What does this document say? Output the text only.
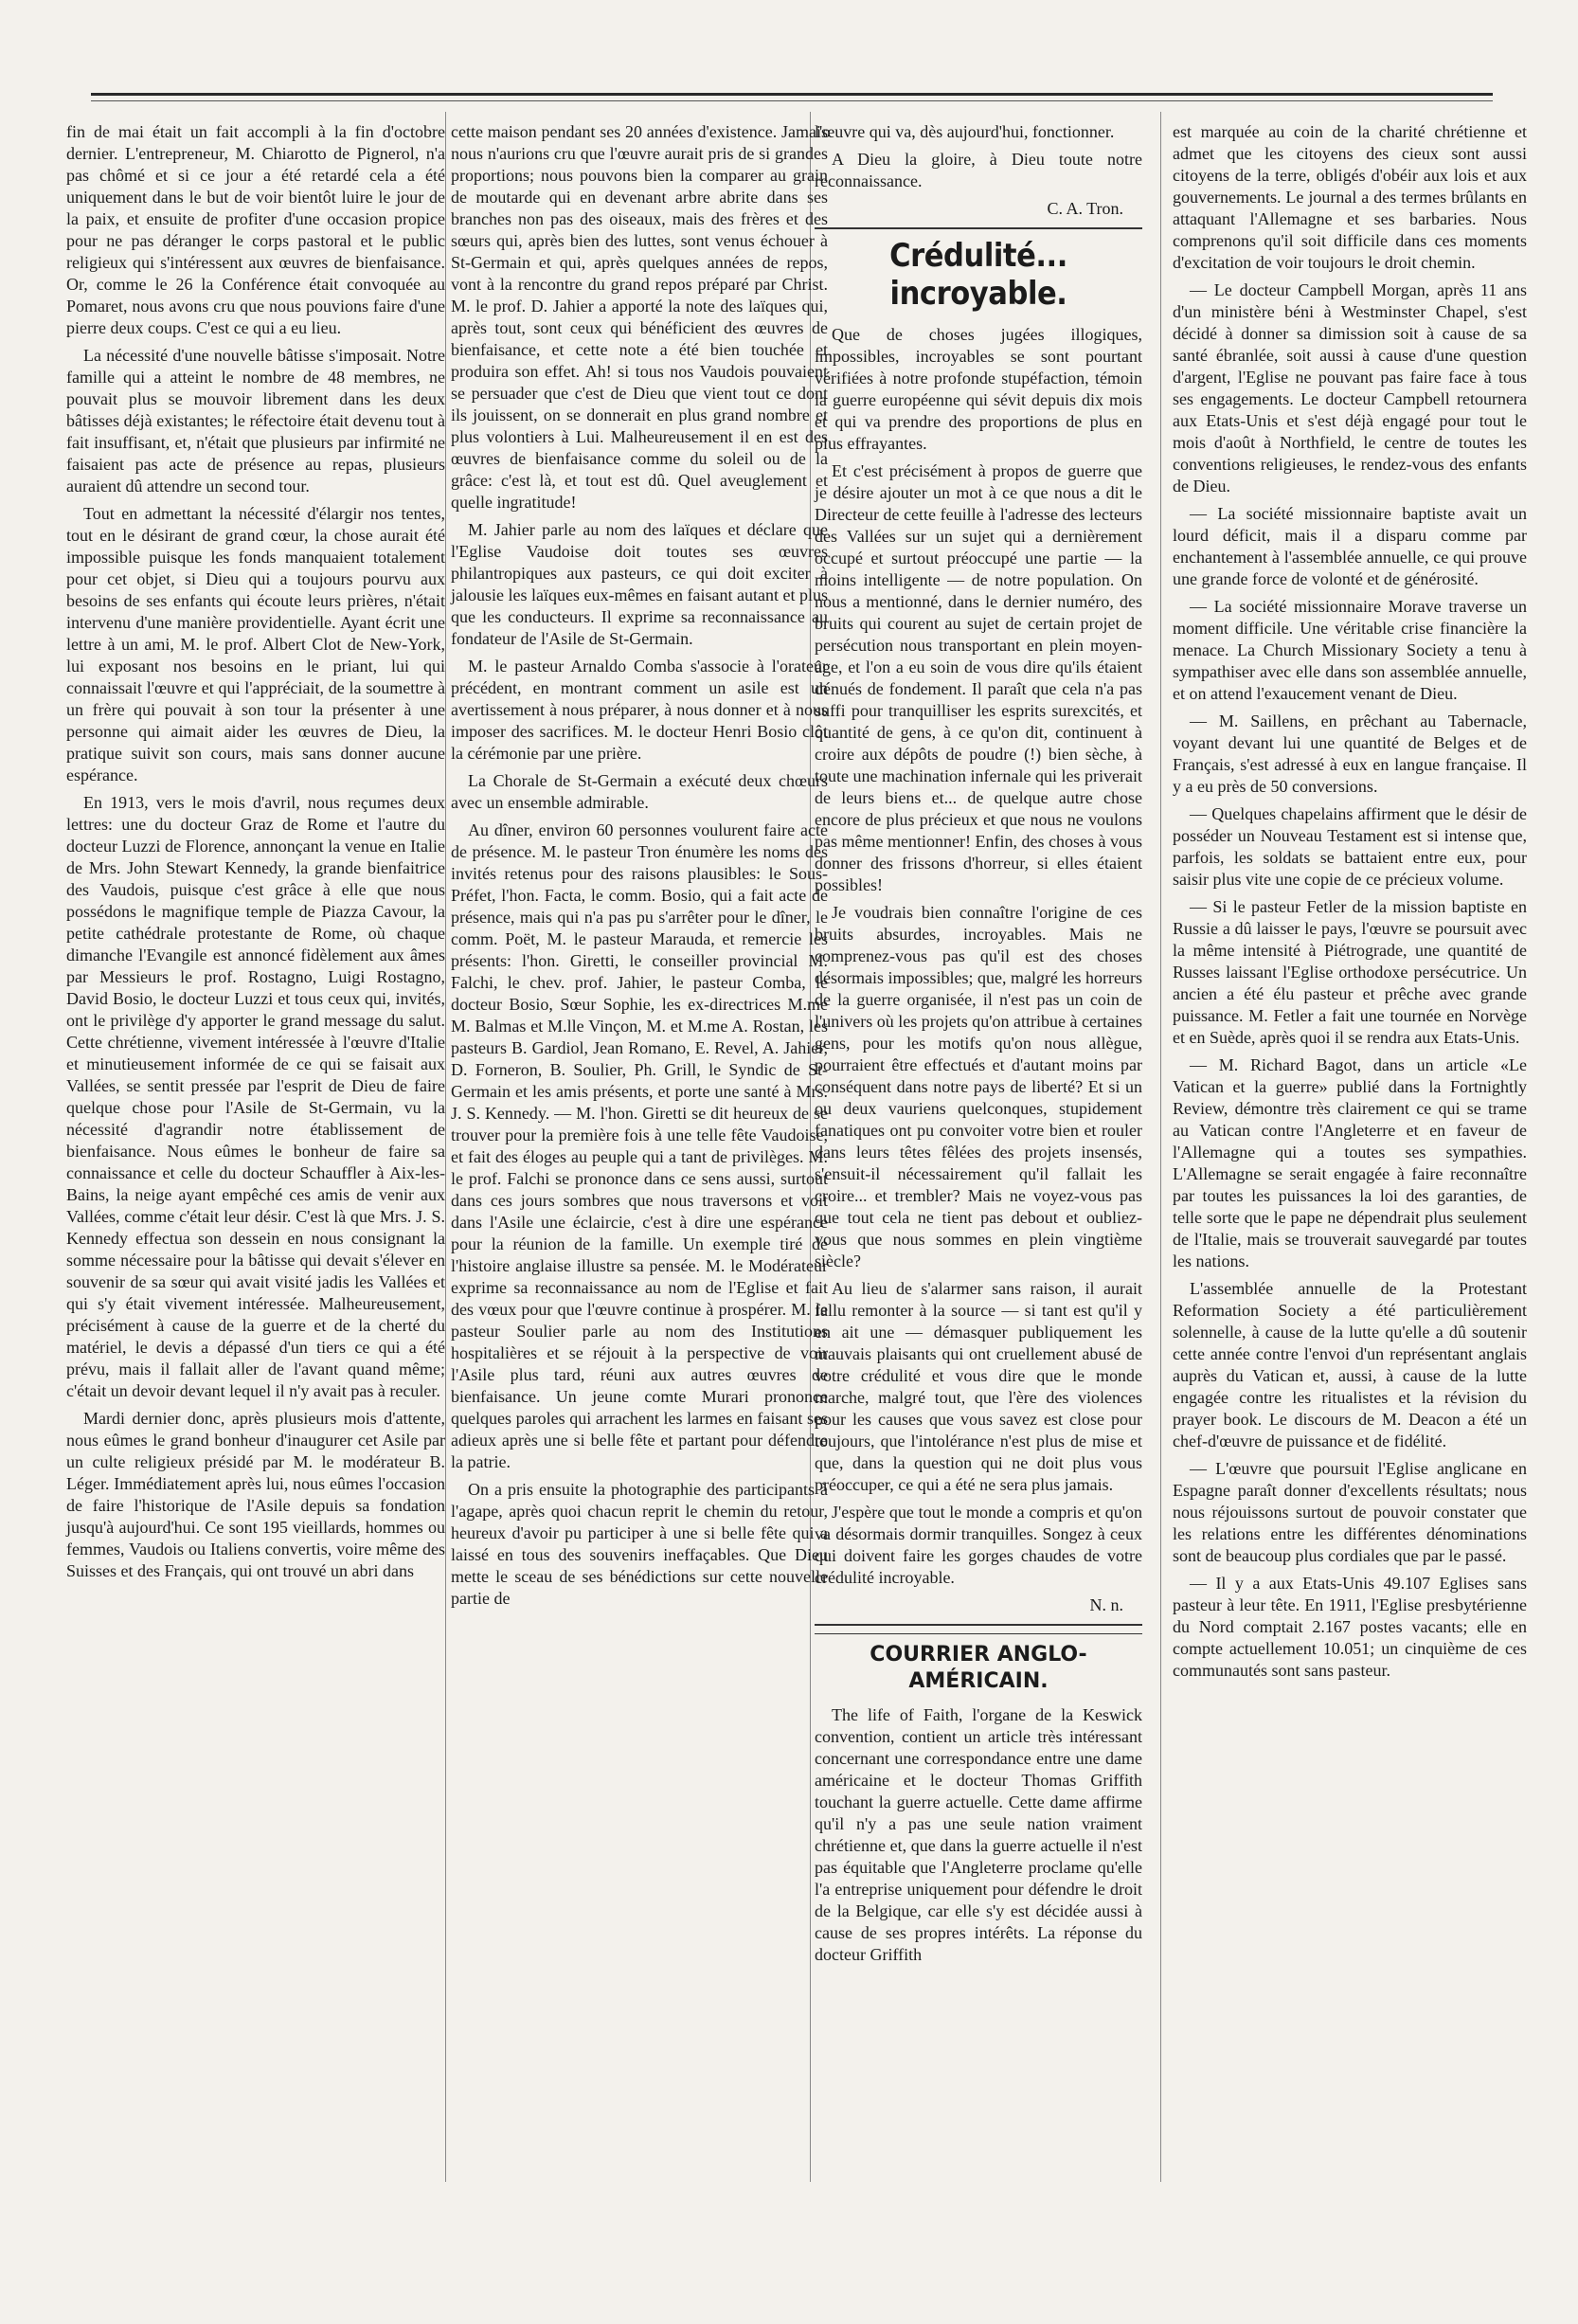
fin de mai était un fait accompli à la fin d'octobre dernier. L'entrepreneur, M. Chiarotto de Pignerol, n'a pas chômé et si ce jour a été retardé cela a été uniquement dans le but de voir bientôt luire le jour de la paix, et ensuite de profiter d'une occasion propice pour ne pas déranger le corps pastoral et le public religieux qui s'intéressent aux œuvres de bienfaisance. Or, comme le 26 la Conférence était convoquée au Pomaret, nous avons cru que nous pouvions faire d'une pierre deux coups. C'est ce qui a eu lieu.

La nécessité d'une nouvelle bâtisse s'imposait. Notre famille qui a atteint le nombre de 48 membres, ne pouvait plus se mouvoir librement dans les deux bâtisses déjà existantes; le réfectoire était devenu tout à fait insuffisant, et, n'était que plusieurs par infirmité ne faisaient pas acte de présence au repas, plusieurs auraient dû attendre un second tour.

Tout en admettant la nécessité d'élargir nos tentes, tout en le désirant de grand cœur, la chose aurait été impossible puisque les fonds manquaient totalement pour cet objet, si Dieu qui a toujours pourvu aux besoins de ses enfants qui écoute leurs prières, n'était intervenu d'une manière providentielle. Ayant écrit une lettre à un ami, M. le prof. Albert Clot de New-York, lui exposant nos besoins en le priant, lui qui connaissait l'œuvre et qui l'appréciait, de la soumettre à un frère qui pouvait à son tour la présenter à une personne qui aimait aider les œuvres de Dieu, la pratique suivit son cours, mais sans donner aucune espérance.

En 1913, vers le mois d'avril, nous reçumes deux lettres: une du docteur Graz de Rome et l'autre du docteur Luzzi de Florence, annonçant la venue en Italie de Mrs. John Stewart Kennedy, la grande bienfaitrice des Vaudois, puisque c'est grâce à elle que nous possédons le magnifique temple de Piazza Cavour, la petite cathédrale protestante de Rome, où chaque dimanche l'Evangile est annoncé fidèlement aux âmes par Messieurs le prof. Rostagno, Luigi Rostagno, David Bosio, le docteur Luzzi et tous ceux qui, invités, ont le privilège d'y apporter le grand message du salut. Cette chrétienne, vivement intéressée à l'œuvre d'Italie et minutieusement informée de ce qui se faisait aux Vallées, se sentit pressée par l'esprit de Dieu de faire quelque chose pour l'Asile de St-Germain, vu la nécessité d'agrandir notre établissement de bienfaisance. Nous eûmes le bonheur de faire sa connaissance et celle du docteur Schauffler à Aix-les-Bains, la neige ayant empêché ces amis de venir aux Vallées, comme c'était leur désir. C'est là que Mrs. J. S. Kennedy effectua son dessein en nous consignant la somme nécessaire pour la bâtisse qui devait s'élever en souvenir de sa sœur qui avait visité jadis les Vallées et qui s'y était vivement intéressée. Malheureusement, précisément à cause de la guerre et de la cherté du matériel, le devis a dépassé d'un tiers ce qui a été prévu, mais il fallait aller de l'avant quand même; c'était un devoir devant lequel il n'y avait pas à reculer.

Mardi dernier donc, après plusieurs mois d'attente, nous eûmes le grand bonheur d'inaugurer cet Asile par un culte religieux présidé par M. le modérateur B. Léger. Immédiatement après lui, nous eûmes l'occasion de faire l'historique de l'Asile depuis sa fondation jusqu'à aujourd'hui. Ce sont 195 vieillards, hommes ou femmes, Vaudois ou Italiens convertis, voire même des Suisses et des Français, qui ont trouvé un abri dans

cette maison pendant ses 20 années d'existence. Jamais nous n'aurions cru que l'œuvre aurait pris de si grandes proportions; nous pouvons bien la comparer au grain de moutarde qui en devenant arbre abrite dans ses branches non pas des oiseaux, mais des frères et des sœurs qui, après bien des luttes, sont venus échouer à St-Germain et qui, après quelques années de repos, vont à la rencontre du grand repos préparé par Christ. M. le prof. D. Jahier a apporté la note des laïques qui, après tout, sont ceux qui bénéficient des œuvres de bienfaisance, et cette note a été bien touchée et produira son effet. Ah! si tous nos Vaudois pouvaient se persuader que c'est de Dieu que vient tout ce dont ils jouissent, on se donnerait en plus grand nombre et plus volontiers à Lui. Malheureusement il en est des œuvres de bienfaisance comme du soleil ou de la grâce: c'est là, et tout est dû. Quel aveuglement et quelle ingratitude!

M. Jahier parle au nom des laïques et déclare que l'Eglise Vaudoise doit toutes ses œuvres philantropiques aux pasteurs, ce qui doit exciter à jalousie les laïques eux-mêmes en faisant autant et plus que les conducteurs. Il exprime sa reconnaissance au fondateur de l'Asile de St-Germain.

M. le pasteur Arnaldo Comba s'associe à l'orateur précédent, en montrant comment un asile est un avertissement à nous préparer, à nous donner et à nous imposer des sacrifices. M. le docteur Henri Bosio clôt la cérémonie par une prière.

La Chorale de St-Germain a exécuté deux chœurs avec un ensemble admirable.

Au dîner, environ 60 personnes voulurent faire acte de présence. M. le pasteur Tron énumère les noms des invités retenus pour des raisons plausibles: le Sous-Préfet, l'hon. Facta, le comm. Bosio, qui a fait acte de présence, mais qui n'a pas pu s'arrêter pour le dîner, le comm. Poët, M. le pasteur Marauda, et remercie les présents: l'hon. Giretti, le conseiller provincial M. Falchi, le chev. prof. Jahier, le pasteur Comba, le docteur Bosio, Sœur Sophie, les ex-directrices M.me M. Balmas et M.lle Vinçon, M. et M.me A. Rostan, les pasteurs B. Gardiol, Jean Romano, E. Revel, A. Jahier, D. Forneron, B. Soulier, Ph. Grill, le Syndic de St-Germain et les amis présents, et porte une santé à Mrs. J. S. Kennedy. — M. l'hon. Giretti se dit heureux de se trouver pour la première fois à une telle fête Vaudoise, et fait des éloges au peuple qui a tant de privilèges. M. le prof. Falchi se prononce dans ce sens aussi, surtout dans ces jours sombres que nous traversons et voit dans l'Asile une éclaircie, c'est à dire une espérance pour la réunion de la famille. Un exemple tiré de l'histoire anglaise illustre sa pensée. M. le Modérateur exprime sa reconnaissance au nom de l'Eglise et fait des vœux pour que l'œuvre continue à prospérer. M. le pasteur Soulier parle au nom des Institutions hospitalières et se réjouit à la perspective de voir l'Asile plus tard, réuni aux autres œuvres de bienfaisance. Un jeune comte Murari prononce quelques paroles qui arrachent les larmes en faisant ses adieux après une si belle fête et partant pour défendre la patrie.

On a pris ensuite la photographie des participants à l'agape, après quoi chacun reprit le chemin du retour, heureux d'avoir pu participer à une si belle fête qui a laissé en tous des souvenirs ineffaçables. Que Dieu mette le sceau de ses bénédictions sur cette nouvelle partie de

l'œuvre qui va, dès aujourd'hui, fonctionner.

A Dieu la gloire, à Dieu toute notre reconnaissance.

C. A. Tron.
Crédulité... incroyable.

Que de choses jugées illogiques, impossibles, incroyables se sont pourtant vérifiées à notre profonde stupéfaction, témoin la guerre européenne qui sévit depuis dix mois et qui va prendre des proportions de plus en plus effrayantes.

Et c'est précisément à propos de guerre que je désire ajouter un mot à ce que nous a dit le Directeur de cette feuille à l'adresse des lecteurs des Vallées sur un sujet qui a dernièrement occupé et surtout préoccupé une partie — la moins intelligente — de notre population. On nous a mentionné, dans le dernier numéro, des bruits qui courent au sujet de certain projet de persécution nous transportant en plein moyen-âge, et l'on a eu soin de vous dire qu'ils étaient dénués de fondement. Il paraît que cela n'a pas suffi pour tranquilliser les esprits surexcités, et quantité de gens, à ce qu'on dit, continuent à croire aux dépôts de poudre (!) bien sèche, à toute une machination infernale qui les priverait de leurs biens et... de quelque autre chose encore de plus précieux et que nous ne voulons pas même mentionner! Enfin, des choses à vous donner des frissons d'horreur, si elles étaient possibles!

Je voudrais bien connaître l'origine de ces bruits absurdes, incroyables. Mais ne comprenez-vous pas qu'il est des choses désormais impossibles; que, malgré les horreurs de la guerre organisée, il n'est pas un coin de l'univers où les projets qu'on attribue à certaines gens, pour les motifs qu'on nous allègue, pourraient être effectués et d'autant moins par conséquent dans notre pays de liberté? Et si un ou deux vauriens quelconques, stupidement fanatiques ont pu convoiter votre bien et rouler dans leurs têtes fêlées des projets insensés, s'ensuit-il nécessairement qu'il fallait les croire... et trembler? Mais ne voyez-vous pas que tout cela ne tient pas debout et oubliez-vous que nous sommes en plein vingtième siècle?

Au lieu de s'alarmer sans raison, il aurait fallu remonter à la source — si tant est qu'il y en ait une — démasquer publiquement les mauvais plaisants qui ont cruellement abusé de votre crédulité et vous dire que le monde marche, malgré tout, que l'ère des violences pour les causes que vous savez est close pour toujours, que l'intolérance n'est plus de mise et que, dans la question qui ne doit plus vous préoccuper, ce qui a été ne sera plus jamais.

J'espère que tout le monde a compris et qu'on va désormais dormir tranquilles. Songez à ceux qui doivent faire les gorges chaudes de votre crédulité incroyable.

N. n.
COURRIER ANGLO-AMÉRICAIN.

The life of Faith, l'organe de la Keswick convention, contient un article très intéressant concernant une correspondance entre une dame américaine et le docteur Thomas Griffith touchant la guerre actuelle. Cette dame affirme qu'il n'y a pas une seule nation vraiment chrétienne et, que dans la guerre actuelle il n'est pas équitable que l'Angleterre proclame qu'elle l'a entreprise uniquement pour défendre le droit de la Belgique, car elle s'y est décidée aussi à cause de ses propres intérêts. La réponse du docteur Griffith

est marquée au coin de la charité chrétienne et admet que les citoyens des cieux sont aussi citoyens de la terre, obligés d'obéir aux lois et aux gouvernements. Le journal a des termes brûlants en attaquant l'Allemagne et ses barbaries. Nous comprenons qu'il soit difficile dans ces moments d'excitation de voir toujours le droit chemin.

— Le docteur Campbell Morgan, après 11 ans d'un ministère béni à Westminster Chapel, s'est décidé à donner sa dimission soit à cause de sa santé ébranlée, soit aussi à cause d'une question d'argent, l'Eglise ne pouvant pas faire face à tous ses engagements. Le docteur Campbell retournera aux Etats-Unis et s'est déjà engagé pour tout le mois d'août à Northfield, le centre de toutes les conventions religieuses, le rendez-vous des enfants de Dieu.

— La société missionnaire baptiste avait un lourd déficit, mais il a disparu comme par enchantement à l'assemblée annuelle, ce qui prouve une grande force de volonté et de générosité.

— La société missionnaire Morave traverse un moment difficile. Une véritable crise financière la menace. La Church Missionary Society a tenu à sympathiser avec elle dans son assemblée annuelle, et on attend l'exaucement venant de Dieu.

— M. Saillens, en prêchant au Tabernacle, voyant devant lui une quantité de Belges et de Français, s'est adressé à eux en langue française. Il y a eu près de 50 conversions.

— Quelques chapelains affirment que le désir de posséder un Nouveau Testament est si intense que, parfois, les soldats se battaient entre eux, pour saisir plus vite une copie de ce précieux volume.

— Si le pasteur Fetler de la mission baptiste en Russie a dû laisser le pays, l'œuvre se poursuit avec la même intensité à Piétrograde, une quantité de Russes laissant l'Eglise orthodoxe persécutrice. Un ancien a été élu pasteur et prêche avec grande puissance. M. Fetler a fait une tournée en Norvège et en Suède, après quoi il se rendra aux Etats-Unis.

— M. Richard Bagot, dans un article «Le Vatican et la guerre» publié dans la Fortnightly Review, démontre très clairement ce qui se trame au Vatican contre l'Angleterre et en faveur de l'Allemagne qui a toutes ses sympathies. L'Allemagne se serait engagée à faire reconnaître par toutes les puissances la loi des garanties, de telle sorte que le pape ne dépendrait plus seulement de l'Italie, mais se trouverait sauvegardé par toutes les nations.

L'assemblée annuelle de la Protestant Reformation Society a été particulièrement solennelle, à cause de la lutte qu'elle a dû soutenir cette année contre l'envoi d'un représentant anglais auprès du Vatican et, aussi, à cause de la lutte engagée contre les ritualistes et la révision du prayer book. Le discours de M. Deacon a été un chef-d'œuvre de puissance et de fidélité.

— L'œuvre que poursuit l'Eglise anglicane en Espagne paraît donner d'excellents résultats; nous nous réjouissons surtout de pouvoir constater que les relations entre les différentes dénominations sont de beaucoup plus cordiales que par le passé.

— Il y a aux Etats-Unis 49.107 Eglises sans pasteur à leur tête. En 1911, l'Eglise presbytérienne du Nord comptait 2.167 postes vacants; elle en compte actuellement 10.051; un cinquième de ces communautés sont sans pasteur.
